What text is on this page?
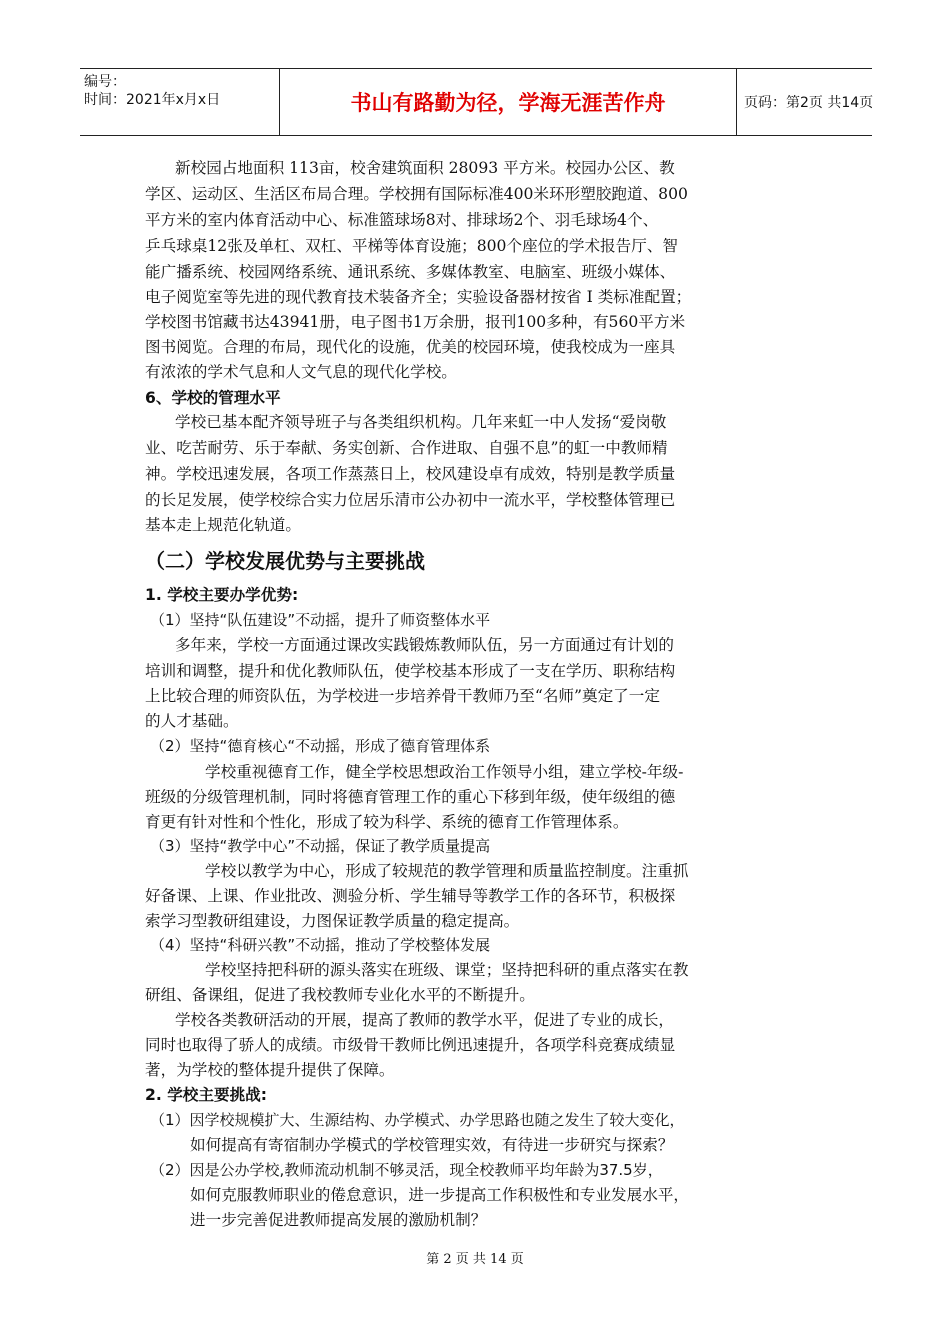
编号：
时间：2021年x月x日	书山有路勤为径，学海无涯苦作舟	页码：第2页 共14页
新校园占地面积 113亩，校舍建筑面积 28093 平方米。校园办公区、教
学区、运动区、生活区布局合理。学校拥有国际标准400米环形塑胶跑道、800
平方米的室内体育活动中心、标准篮球场8对、排球场2个、羽毛球场4个、
乒乓球桌12张及单杠、双杠、平梯等体育设施；800个座位的学术报告厅、智
能广播系统、校园网络系统、通讯系统、多媒体教室、电脑室、班级小媒体、
电子阅览室等先进的现代教育技术装备齐全；实验设备器材按省 Ⅰ 类标准配置；
学校图书馆藏书达43941册，电子图书1万余册，报刊100多种，有560平方米
图书阅览。合理的布局，现代化的设施，优美的校园环境，使我校成为一座具
有浓浓的学术气息和人文气息的现代化学校。
6、学校的管理水平
学校已基本配齐领导班子与各类组织机构。几年来虹一中人发扬“爱岗敬
业、吃苦耐劳、乐于奉献、务实创新、合作进取、自强不息”的虹一中教师精
神。学校迅速发展，各项工作蒸蒸日上，校风建设卓有成效，特别是教学质量
的长足发展，使学校综合实力位居乐清市公办初中一流水平，学校整体管理已
基本走上规范化轨道。
（二）学校发展优势与主要挑战
1. 学校主要办学优势:
（1）坚持“队伍建设”不动摇，提升了师资整体水平
多年来，学校一方面通过课改实践锻炼教师队伍，另一方面通过有计划的
培训和调整，提升和优化教师队伍，使学校基本形成了一支在学历、职称结构
上比较合理的师资队伍，为学校进一步培养骨干教师乃至“名师”奠定了一定
的人才基础。
（2）坚持“德育核心“不动摇，形成了德育管理体系
学校重视德育工作，健全学校思想政治工作领导小组，建立学校-年级-
班级的分级管理机制，同时将德育管理工作的重心下移到年级，使年级组的德
育更有针对性和个性化，形成了较为科学、系统的德育工作管理体系。
（3）坚持“教学中心”不动摇，保证了教学质量提高
学校以教学为中心，形成了较规范的教学管理和质量监控制度。注重抓
好备课、上课、作业批改、测验分析、学生辅导等教学工作的各环节，积极探
索学习型教研组建设，力图保证教学质量的稳定提高。
（4）坚持“科研兴教”不动摇，推动了学校整体发展
学校坚持把科研的源头落实在班级、课堂；坚持把科研的重点落实在教
研组、备课组，促进了我校教师专业化水平的不断提升。
学校各类教研活动的开展，提高了教师的教学水平，促进了专业的成长，
同时也取得了骄人的成绩。市级骨干教师比例迅速提升，各项学科竞赛成绩显
著，为学校的整体提升提供了保障。
2. 学校主要挑战:
（1）因学校规模扩大、生源结构、办学模式、办学思路也随之发生了较大变化，
如何提高有寄宿制办学模式的学校管理实效，有待进一步研究与探索？
（2）因是公办学校,教师流动机制不够灵活，现全校教师平均年龄为37.5岁，
如何克服教师职业的倦怠意识，进一步提高工作积极性和专业发展水平，
进一步完善促进教师提高发展的激励机制？
第 2 页 共 14 页
